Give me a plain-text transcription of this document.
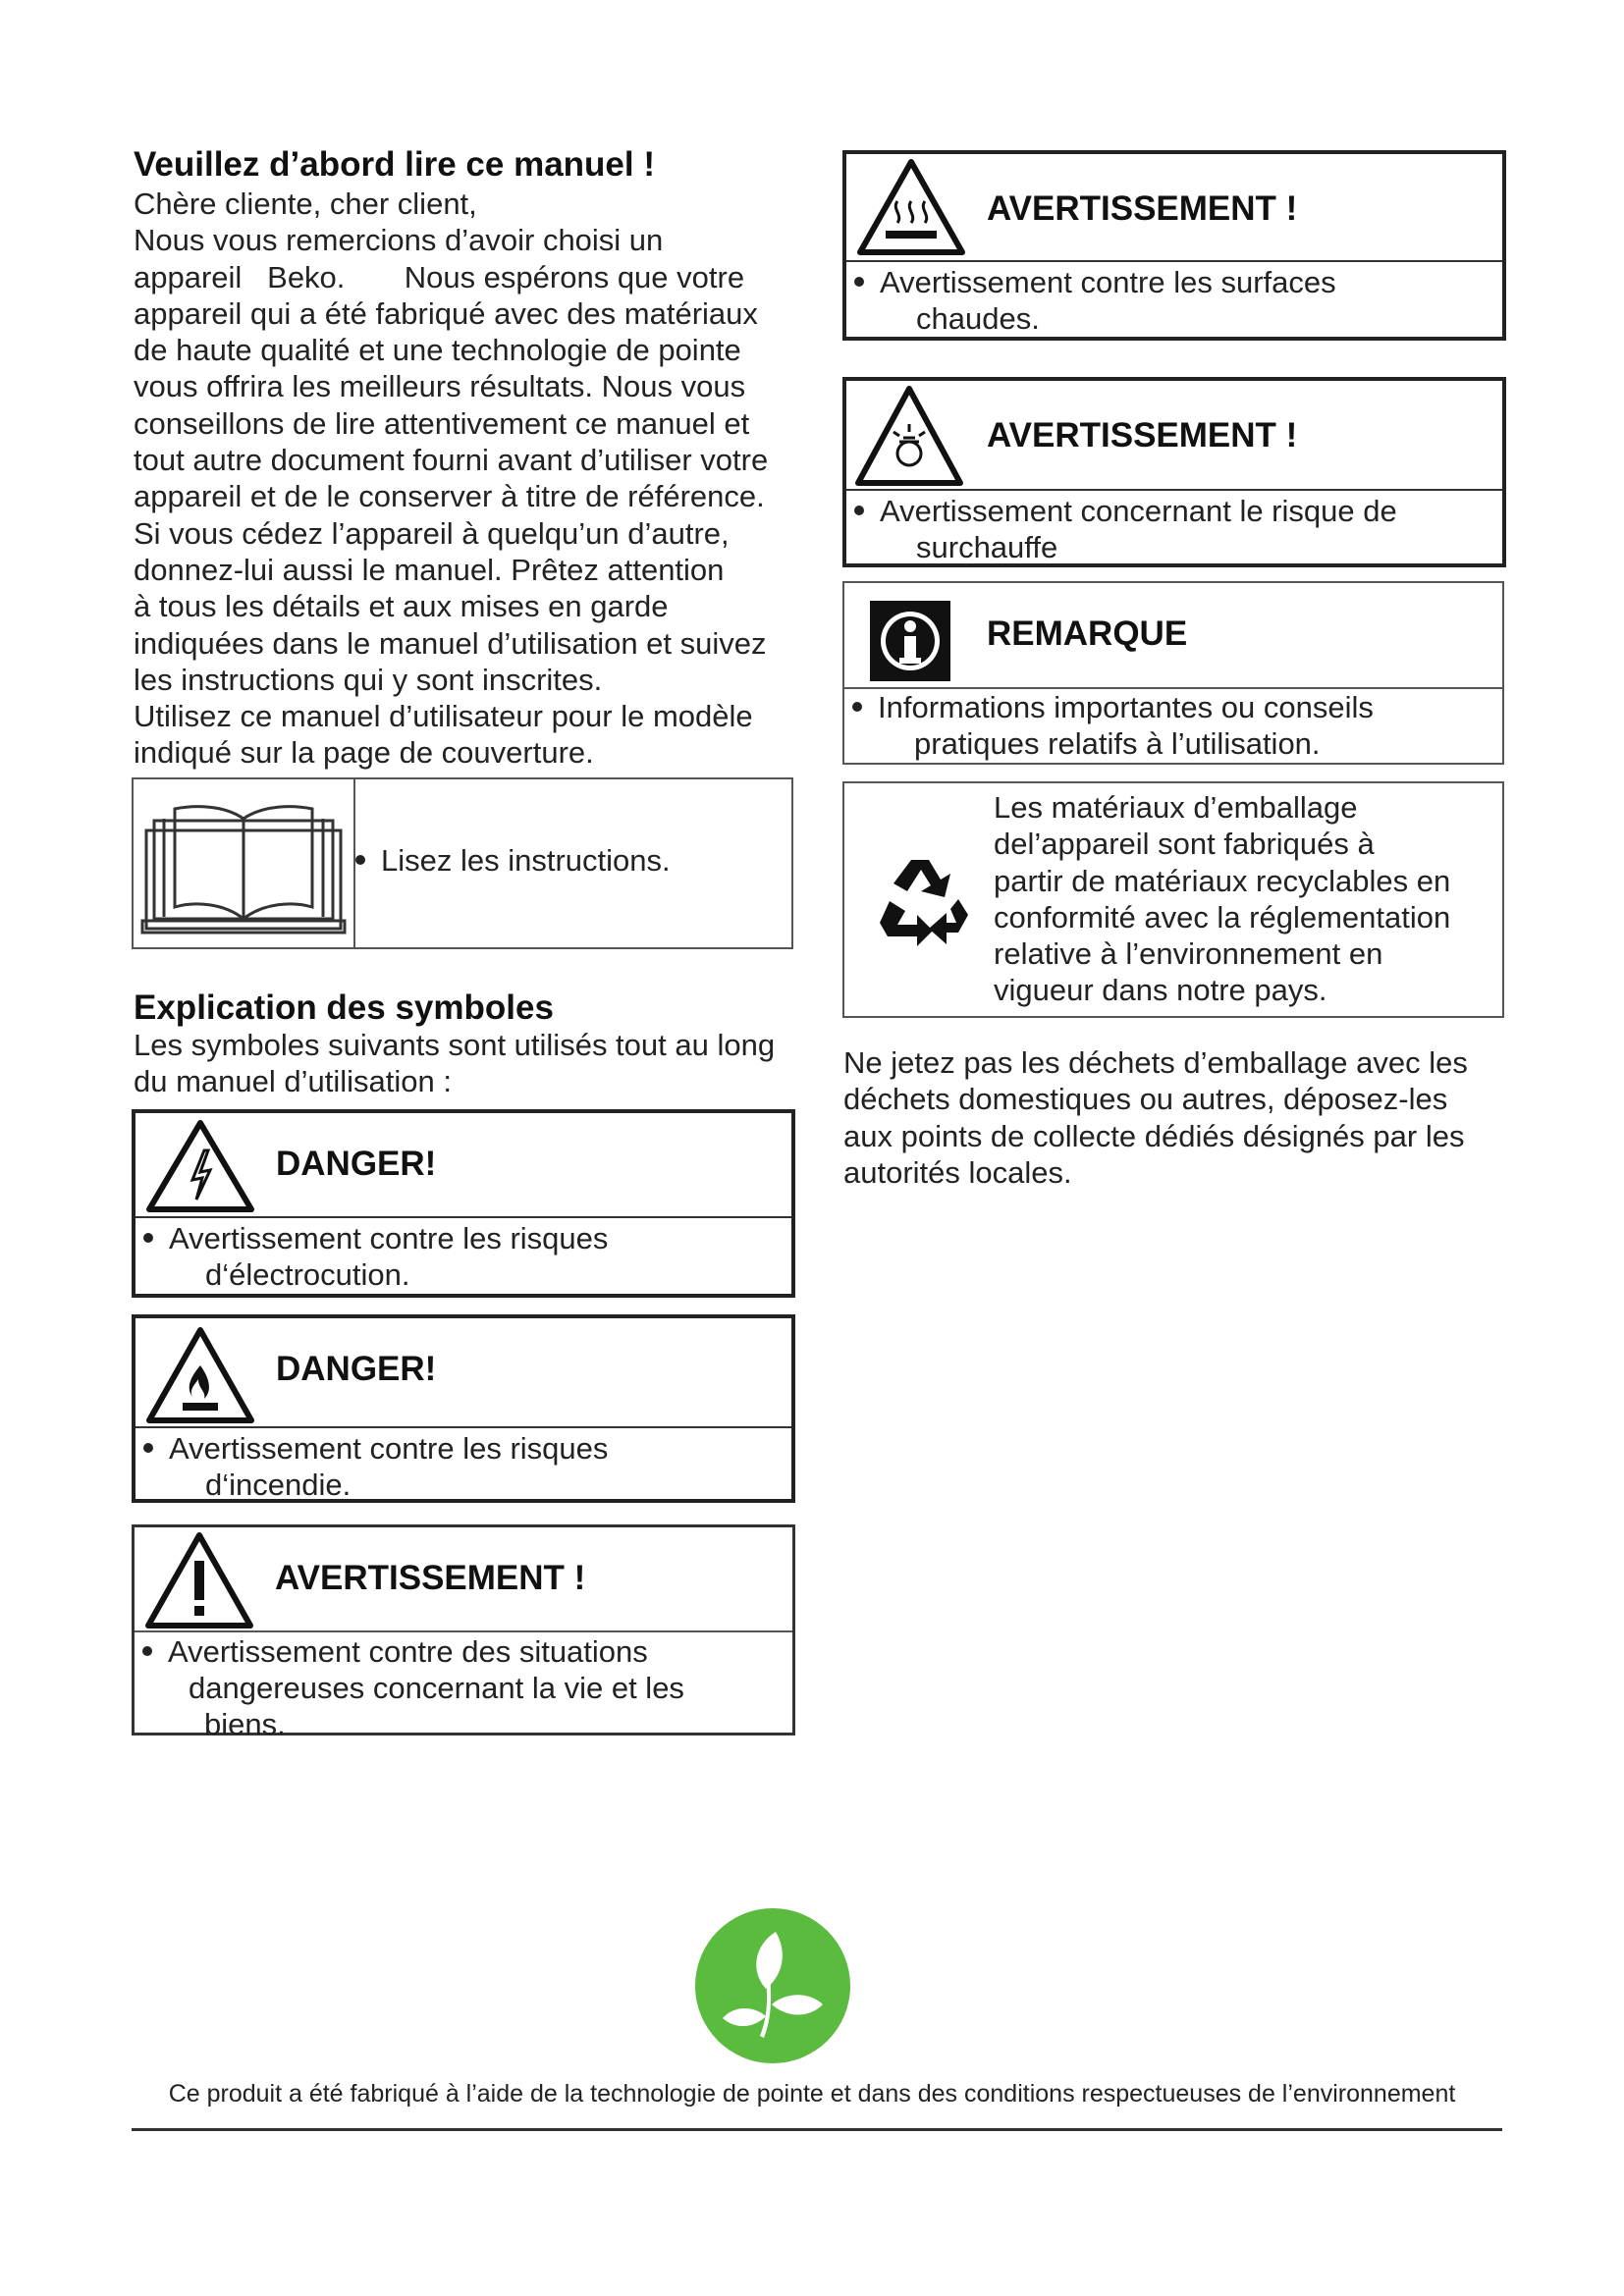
Veuillez d’abord lire ce manuel !

Chère cliente, cher client,

Nous vous remercions d’avoir choisi un

appareil   Beko.       Nous espérons que votre

appareil qui a été fabriqué avec des matériaux

de haute qualité et une technologie de pointe

vous offrira les meilleurs résultats. Nous vous

conseillons de lire attentivement ce manuel et

tout autre document fourni avant d’utiliser votre

appareil et de le conserver à titre de référence.

Si vous cédez l’appareil à quelqu’un d’autre,

donnez-lui aussi le manuel. Prêtez attention

à tous les détails et aux mises en garde

indiquées dans le manuel d’utilisation et suivez

les instructions qui y sont inscrites.

Utilisez ce manuel d’utilisateur pour le modèle

indiqué sur la page de couverture.

Lisez les instructions.
Explication des symboles

Les symboles suivants sont utilisés tout au long

du manuel d’utilisation :

DANGER!
Avertissement contre les risques
d‘électrocution.
DANGER!
Avertissement contre les risques
d‘incendie.
AVERTISSEMENT !
Avertissement contre des situations
dangereuses concernant la vie et les
biens.
AVERTISSEMENT !
Avertissement contre les surfaces
chaudes.
AVERTISSEMENT !
Avertissement concernant le risque de
surchauffe
REMARQUE
Informations importantes ou conseils
pratiques relatifs à l’utilisation.

Les matériaux d’emballage

del’appareil sont fabriqués à

partir de matériaux recyclables en

conformité avec la réglementation

relative à l’environnement en

vigueur dans notre pays.

Ne jetez pas les déchets d’emballage avec les

déchets domestiques ou autres, déposez-les

aux points de collecte dédiés désignés par les

autorités locales.

Ce produit a été fabriqué à l’aide de la technologie de pointe et dans des conditions respectueuses de l’environnement
